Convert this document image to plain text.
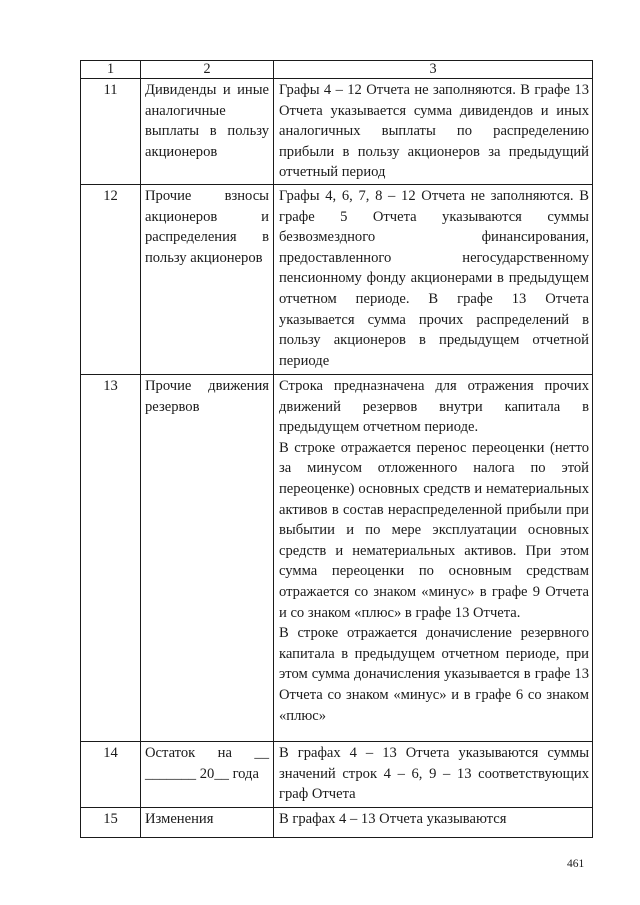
1	2	3
11	Дивиденды и иные аналогичные выплаты в пользу акционеров	Графы 4 – 12 Отчета не заполняются. В графе 13 Отчета указывается сумма дивидендов и иных аналогичных выплаты по распределению прибыли в пользу акционеров за предыдущий отчетный период

12	Прочие взносы акционеров и распределения в пользу акционеров	Графы 4, 6, 7, 8 – 12 Отчета не заполняются. В графе 5 Отчета указываются суммы безвозмездного финансирования, предоставленного негосударственному пенсионному фонду акционерами в предыдущем отчетном периоде. В графе 13 Отчета указывается сумма прочих распределений в пользу акционеров в предыдущем отчетной периоде

13	Прочие движения резервов	Строка предназначена для отражения прочих движений резервов внутри капитала в предыдущем отчетном периоде.
В строке отражается перенос переоценки (нетто за минусом отложенного налога по этой переоценке) основных средств и нематериальных активов в состав нераспределенной прибыли при выбытии и по мере эксплуатации основных средств и нематериальных активов. При этом сумма переоценки по основным средствам отражается со знаком «минус» в графе 9 Отчета и со знаком «плюс» в графе 13 Отчета.
В строке отражается доначисление резервного капитала в предыдущем отчетном периоде, при этом сумма доначисления указывается в графе 13 Отчета со знаком «минус» и в графе 6 со знаком «плюс»

14	Остаток на __ _______ 20__ года	В графах 4 – 13 Отчета указываются суммы значений строк 4 – 6, 9 – 13 соответствующих граф Отчета

15	Изменения	В графах 4 – 13 Отчета указываются
461
